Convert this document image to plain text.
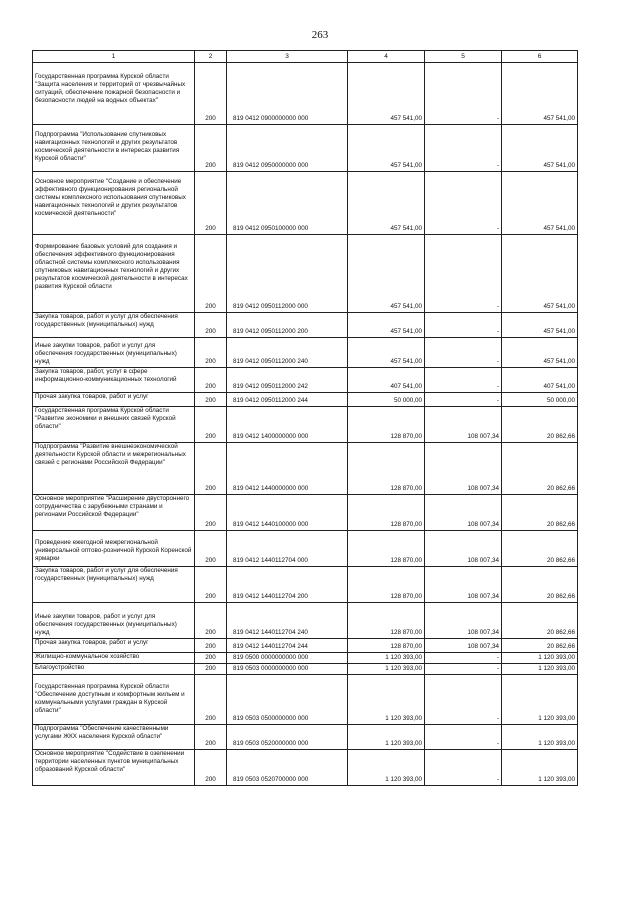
263
1	2	3	4	5	6

Государственная программа Курской области "Защита населения и территорий от чрезвычайных ситуаций, обеспечение пожарной безопасности и безопасности людей на водных объектах"	200	819 0412 0900000000 000	457 541,00	-	457 541,00

Подпрограмма "Использование спутниковых навигационных технологий и других результатов космической деятельности в интересах развития Курской области"	200	819 0412 0950000000 000	457 541,00	-	457 541,00

Основное мероприятие "Создание и обеспечение эффективного функционирования региональной системы комплексного использования спутниковых навигационных технологий и других результатов космической деятельности"	200	819 0412 0950100000 000	457 541,00	-	457 541,00

Формирование базовых условий для создания и обеспечения эффективного функционирования областной системы комплексного использования спутниковых навигационных технологий и других результатов космической деятельности в интересах развития Курской области	200	819 0412 0950112000 000	457 541,00	-	457 541,00

Закупка товаров, работ и услуг для обеспечения государственных (муниципальных) нужд	200	819 0412 0950112000 200	457 541,00	-	457 541,00

Иные закупки товаров, работ и услуг для обеспечения государственных (муниципальных) нужд	200	819 0412 0950112000 240	457 541,00	-	457 541,00

Закупка товаров, работ, услуг в сфере информационно-коммуникационных технологий	200	819 0412 0950112000 242	407 541,00	-	407 541,00

Прочая закупка товаров, работ и услуг	200	819 0412 0950112000 244	50 000,00	-	50 000,00

Государственная программа Курской области "Развитие экономики и внешних связей Курской области"	200	819 0412 1400000000 000	128 870,00	108 007,34	20 862,66

Подпрограмма "Развитие внешнеэкономической деятельности Курской области и межрегиональных связей с регионами Российской Федерации"	200	819 0412 1440000000 000	128 870,00	108 007,34	20 862,66

Основное мероприятие "Расширение двустороннего сотрудничества с зарубежными странами и регионами Российской Федерации"	200	819 0412 1440100000 000	128 870,00	108 007,34	20 862,66

Проведение ежегодной межрегиональной универсальной оптово-розничной Курской Коренской ярмарки	200	819 0412 1440112704 000	128 870,00	108 007,34	20 862,66

Закупка товаров, работ и услуг для обеспечения государственных (муниципальных) нужд	200	819 0412 1440112704 200	128 870,00	108 007,34	20 862,66

Иные закупки товаров, работ и услуг для обеспечения государственных (муниципальных) нужд	200	819 0412 1440112704 240	128 870,00	108 007,34	20 862,66

Прочая закупка товаров, работ и услуг	200	819 0412 1440112704 244	128 870,00	108 007,34	20 862,66

Жилищно-коммунальное хозяйство	200	819 0500 0000000000 000	1 120 393,00	-	1 120 393,00

Благоустройство	200	819 0503 0000000000 000	1 120 393,00	-	1 120 393,00

Государственная программа Курской области "Обеспечение доступным и комфортным жильем и коммунальными услугами граждан в Курской области"	200	819 0503 0500000000 000	1 120 393,00	-	1 120 393,00

Подпрограмма "Обеспечение качественными услугами ЖКХ населения Курской области"	200	819 0503 0520000000 000	1 120 393,00	-	1 120 393,00

Основное мероприятие "Содействие в озеленении территории населенных пунктов муниципальных образований Курской области"	200	819 0503 0520700000 000	1 120 393,00	-	1 120 393,00
